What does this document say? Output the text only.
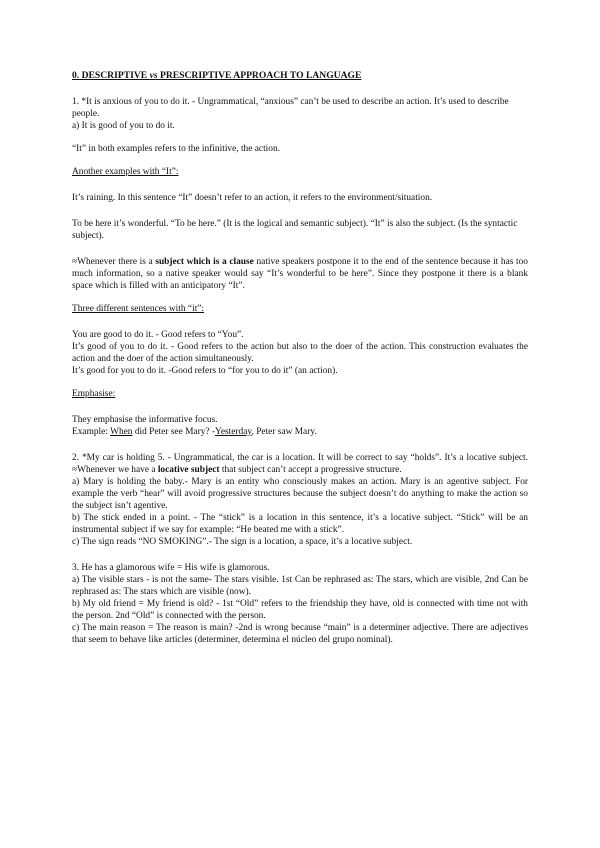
0. DESCRIPTIVE vs PRESCRIPTIVE APPROACH TO LANGUAGE

1. *It is anxious of you to do it. - Ungrammatical, “anxious” can’t be used to describe an action. It’s used to describe people.

a) It is good of you to do it.

“It” in both examples refers to the infinitive, the action.

Another examples with “It”:

It’s raining. In this sentence “It” doesn’t refer to an action, it refers to the environment/situation.

To be here it’s wonderful. “To be here.” (It is the logical and semantic subject). “It” is also the subject. (Is the syntactic subject).

≈Whenever there is a subject which is a clause native speakers postpone it to the end of the sentence because it has too much information, so a native speaker would say “It’s wonderful to be here”. Since they postpone it there is a blank space which is filled with an anticipatory “It”.

Three different sentences with “it”:

You are good to do it. - Good refers to “You”.

It’s good of you to do it. - Good refers to the action but also to the doer of the action. This construction evaluates the action and the doer of the action simultaneously.

It’s good for you to do it. -Good refers to “for you to do it” (an action).

Emphasise:

They emphasise the informative focus.

Example: When did Peter see Mary? -Yesterday, Peter saw Mary.

2. *My car is holding 5. - Ungrammatical, the car is a location. It will be correct to say “holds”. It’s a locative subject. ≈Whenever we have a locative subject that subject can’t accept a progressive structure.

a) Mary is holding the baby.- Mary is an entity who consciously makes an action. Mary is an agentive subject. For example the verb “hear” will avoid progressive structures because the subject doesn’t do anything to make the action so the subject isn’t agentive.

b) The stick ended in a point. - The “stick” is a location in this sentence, it’s a locative subject. “Stick” will be an instrumental subject if we say for example: “He beated me with a stick”.

c) The sign reads “NO SMOKING”.- The sign is a location, a space, it’s a locative subject.

3. He has a glamorous wife = His wife is glamorous.

a) The visible stars - is not the same- The stars visible. 1st Can be rephrased as: The stars, which are visible, 2nd Can be rephrased as: The stars which are visible (now).

b) My old friend = My friend is old? - 1st “Old” refers to the friendship they have, old is connected with time not with the person. 2nd “Old” is connected with the person.

c) The main reason = The reason is main? -2nd is wrong because “main” is a determiner adjective. There are adjectives that seem to behave like articles (determiner, determina el núcleo del grupo nominal).
